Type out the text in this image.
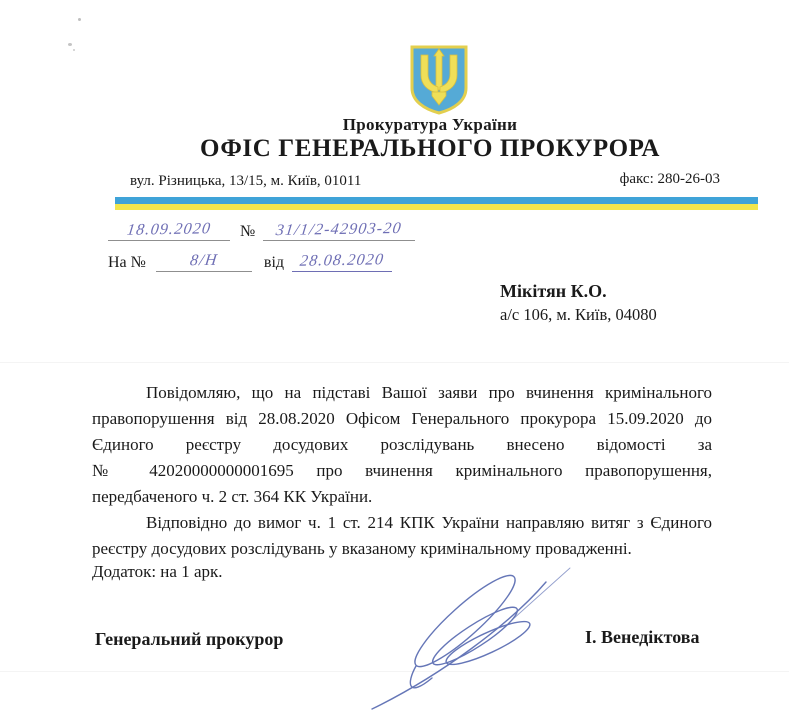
Прокуратура України
ОФІС ГЕНЕРАЛЬНОГО ПРОКУРОРА
вул. Різницька, 13/15, м. Київ, 01011	факс: 280-26-03
18.09.2020 № 31/1/2-42903-20
На №	8/Н	від 28.08.2020
Мікітян К.О.
а/с 106, м. Київ, 04080
Повідомляю, що на підставі Вашої заяви про вчинення кримінального
правопорушення від 28.08.2020 Офісом Генерального прокурора 15.09.2020 до
Єдиного реєстру досудових розслідувань внесено відомості за
№ 42020000000001695 про вчинення кримінального правопорушення,
передбаченого ч. 2 ст. 364 КК України.
Відповідно до вимог ч. 1 ст. 214 КПК України направляю витяг з Єдиного
реєстру досудових розслідувань у вказаному кримінальному провадженні.
Додаток: на 1 арк.
Генеральний прокурор	І. Венедіктова
